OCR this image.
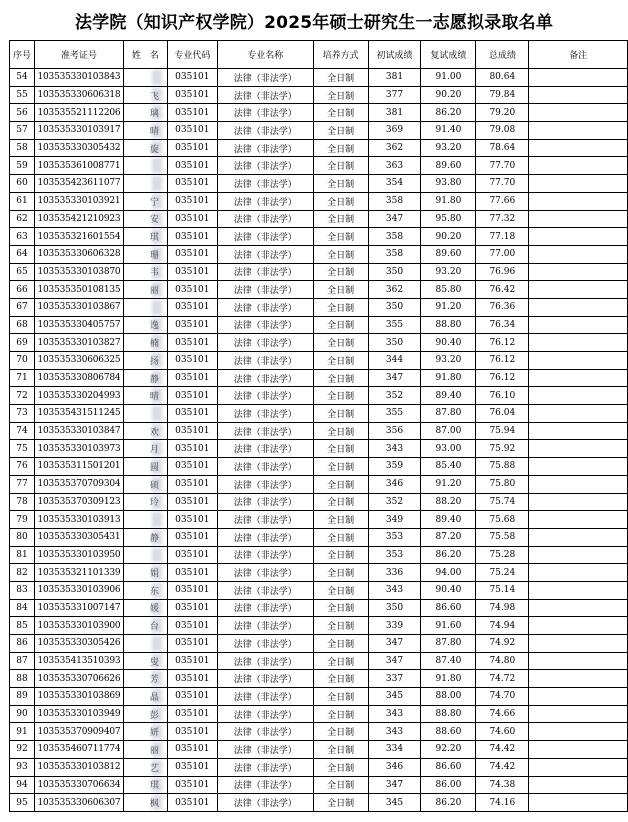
法学院（知识产权学院）2025年硕士研究生一志愿拟录取名单
序号	准考证号	姓　名	专业代码	专业名称	培养方式	初试成绩	复试成绩	总成绩	备注
54	103535330103843		035101	法律（非法学）	全日制	381	91.00	80.64	
55	103535330606318	飞	035101	法律（非法学）	全日制	377	90.20	79.84	
56	103535521112206	璃	035101	法律（非法学）	全日制	381	86.20	79.20	
57	103535330103917	晴	035101	法律（非法学）	全日制	369	91.40	79.08	
58	103535330305432	旋	035101	法律（非法学）	全日制	362	93.20	78.64	
59	103535361008771		035101	法律（非法学）	全日制	363	89.60	77.70	
60	103535423611077		035101	法律（非法学）	全日制	354	93.80	77.70	
61	103535330103921	宁	035101	法律（非法学）	全日制	358	91.80	77.66	
62	103535421210923	安	035101	法律（非法学）	全日制	347	95.80	77.32	
63	103535321601554	琪	035101	法律（非法学）	全日制	358	90.20	77.18	
64	103535330606328	珊	035101	法律（非法学）	全日制	358	89.60	77.00	
65	103535330103870	韦	035101	法律（非法学）	全日制	350	93.20	76.96	
66	103535350108135	丽	035101	法律（非法学）	全日制	362	85.80	76.42	
67	103535330103867		035101	法律（非法学）	全日制	350	91.20	76.36	
68	103535330405757	逸	035101	法律（非法学）	全日制	355	88.80	76.34	
69	103535330103827	楠	035101	法律（非法学）	全日制	350	90.40	76.12	
70	103535330606325	扬	035101	法律（非法学）	全日制	344	93.20	76.12	
71	103535330806784	静	035101	法律（非法学）	全日制	347	91.80	76.12	
72	103535330204993	晴	035101	法律（非法学）	全日制	352	89.40	76.10	
73	103535431511245		035101	法律（非法学）	全日制	355	87.80	76.04	
74	103535330103847	欢	035101	法律（非法学）	全日制	356	87.00	75.94	
75	103535330103973	月	035101	法律（非法学）	全日制	343	93.00	75.92	
76	103535311501201	圆	035101	法律（非法学）	全日制	359	85.40	75.88	
77	103535370709304	硕	035101	法律（非法学）	全日制	346	91.20	75.80	
78	103535370309123	玲	035101	法律（非法学）	全日制	352	88.20	75.74	
79	103535330103913		035101	法律（非法学）	全日制	349	89.40	75.68	
80	103535330305431	静	035101	法律（非法学）	全日制	353	87.20	75.58	
81	103535330103950		035101	法律（非法学）	全日制	353	86.20	75.28	
82	103535321101339	娟	035101	法律（非法学）	全日制	336	94.00	75.24	
83	103535330103906	东	035101	法律（非法学）	全日制	343	90.40	75.14	
84	103535331007147	媛	035101	法律（非法学）	全日制	350	86.60	74.98	
85	103535330103900	台	035101	法律（非法学）	全日制	339	91.60	74.94	
86	103535330305426		035101	法律（非法学）	全日制	347	87.80	74.92	
87	103535413510393	叟	035101	法律（非法学）	全日制	347	87.40	74.80	
88	103535330706626	芳	035101	法律（非法学）	全日制	337	91.80	74.72	
89	103535330103869	晶	035101	法律（非法学）	全日制	345	88.00	74.70	
90	103535330103949	彭	035101	法律（非法学）	全日制	343	88.80	74.66	
91	103535370909407	妍	035101	法律（非法学）	全日制	343	88.60	74.60	
92	103535460711774	丽	035101	法律（非法学）	全日制	334	92.20	74.42	
93	103535330103812	艺	035101	法律（非法学）	全日制	346	86.60	74.42	
94	103535330706634	琪	035101	法律（非法学）	全日制	347	86.00	74.38	
95	103535330606307	枫	035101	法律（非法学）	全日制	345	86.20	74.16	
